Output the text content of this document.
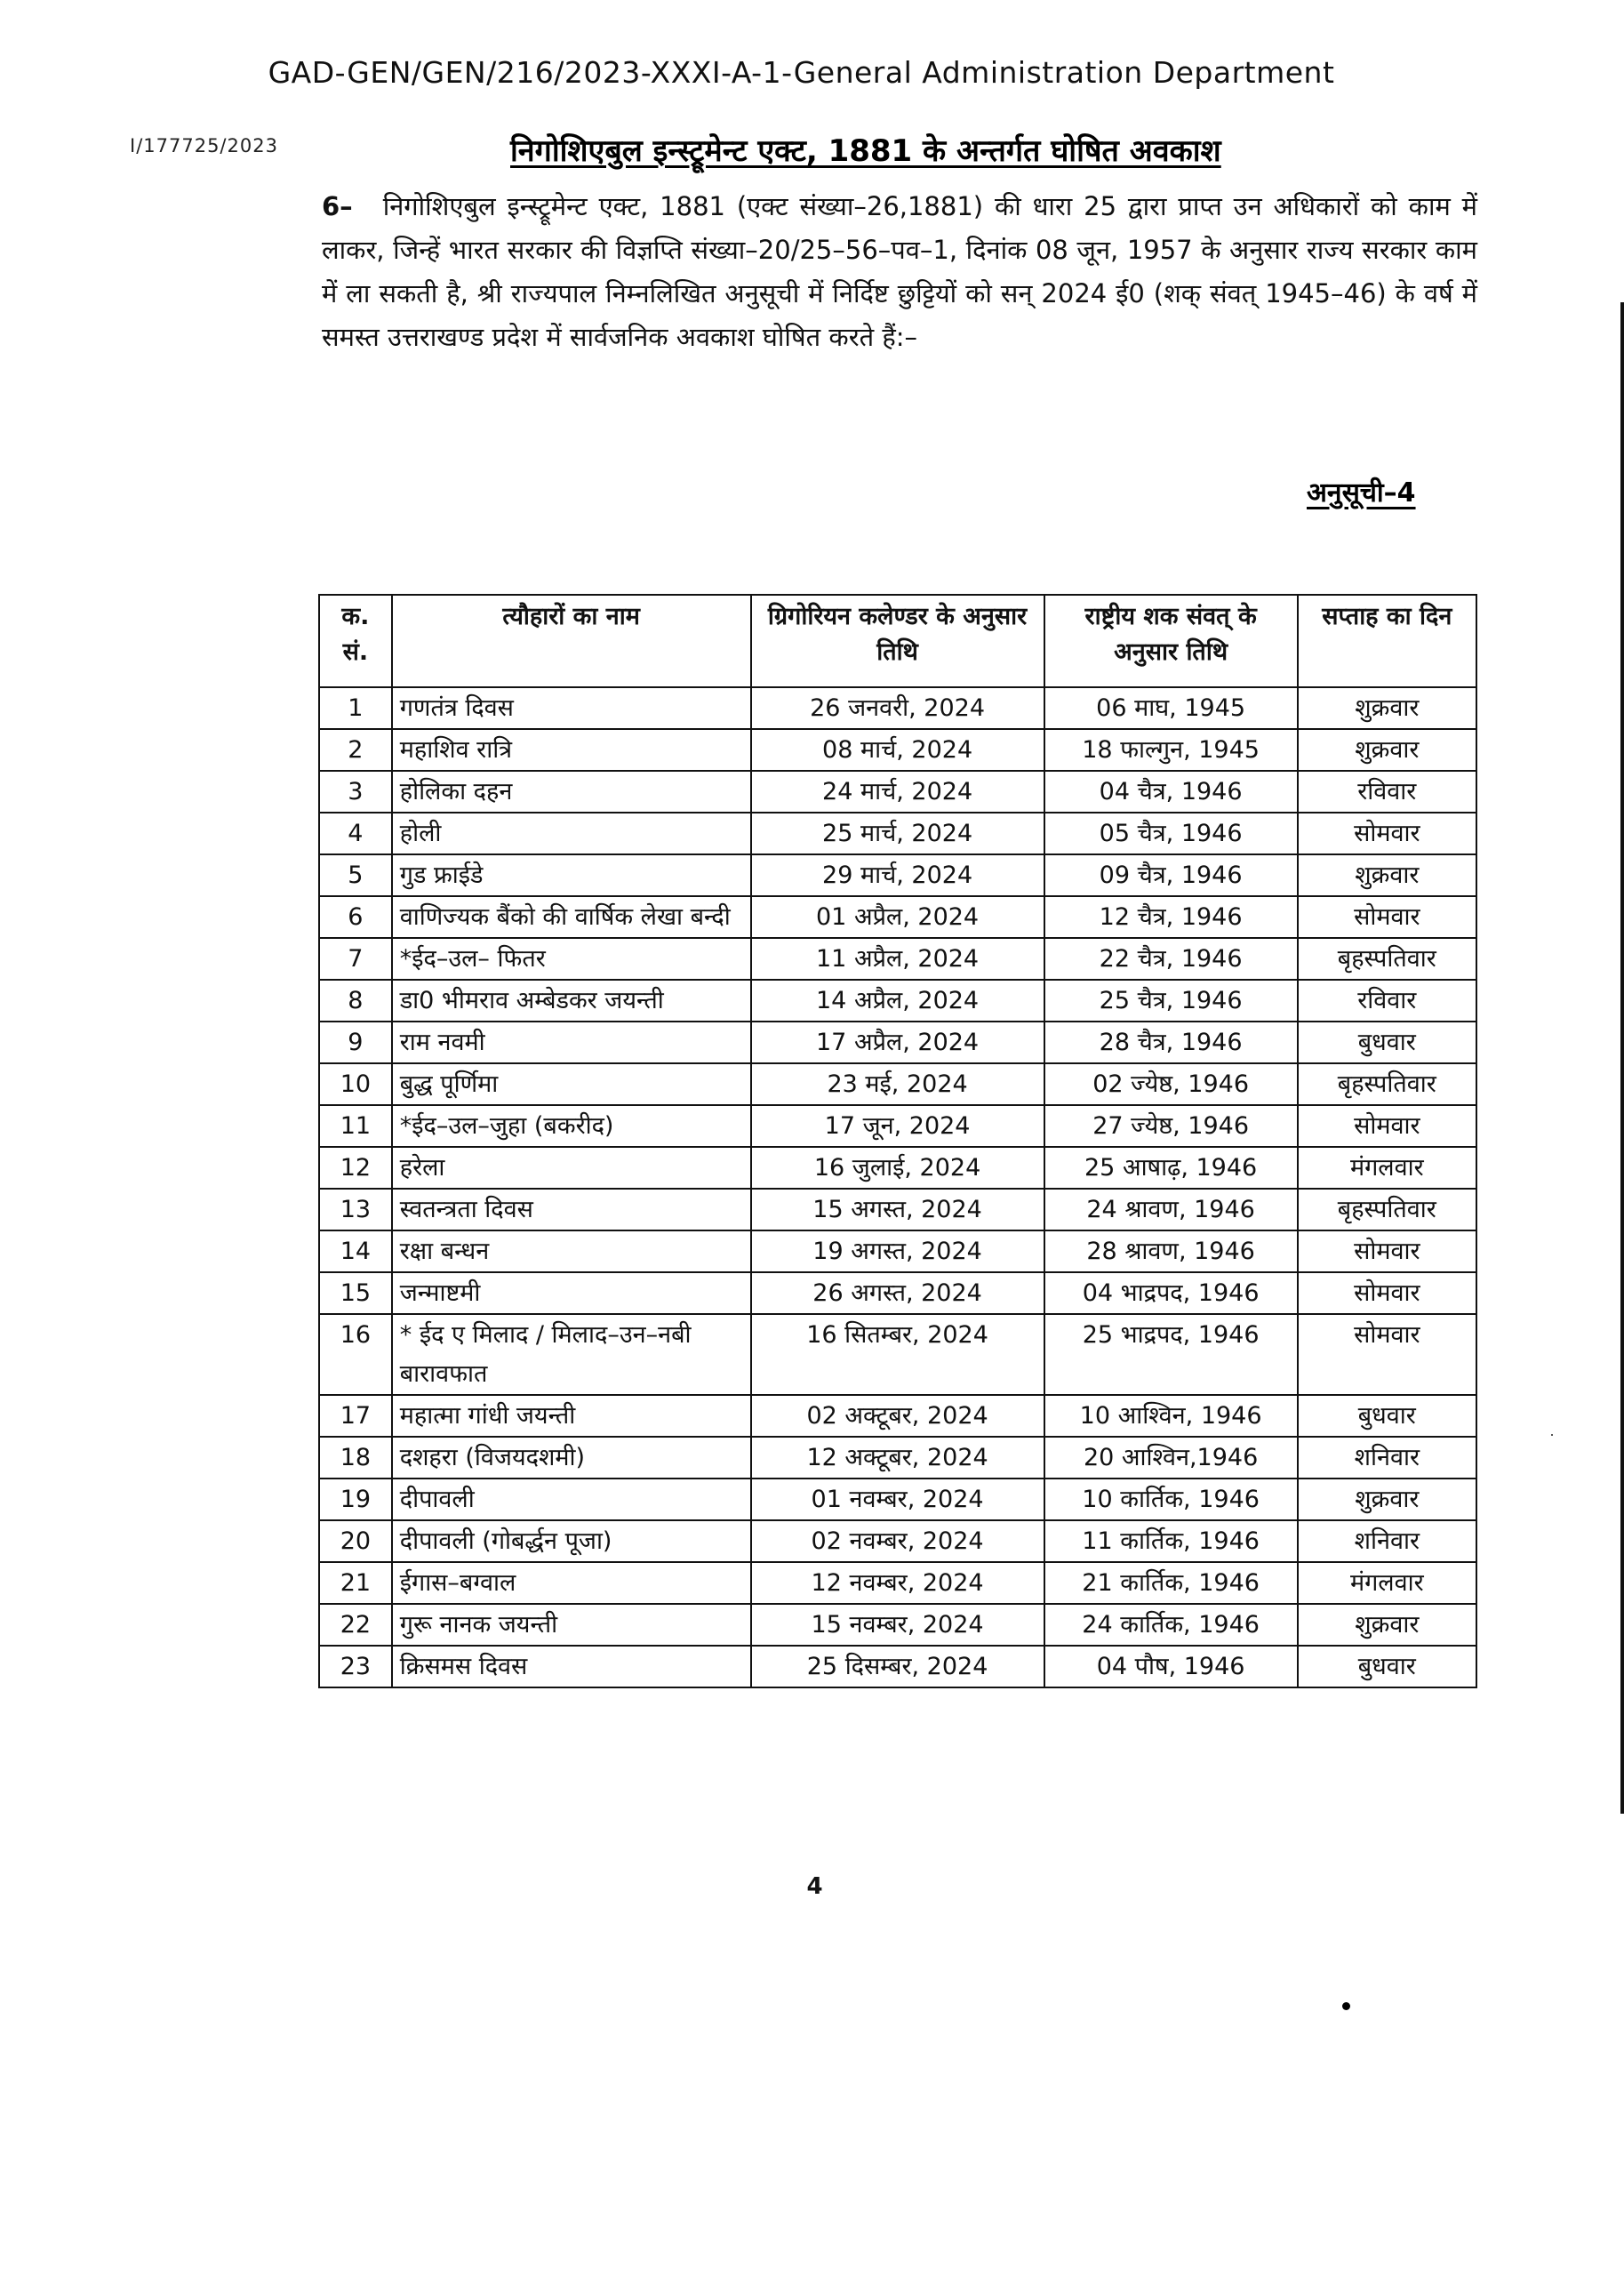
GAD-GEN/GEN/216/2023-XXXI-A-1-General Administration Department
I/177725/2023	निगोशिएबुल इन्स्ट्रूमेन्ट एक्ट, 1881 के अन्तर्गत घोषित अवकाश
6– निगोशिएबुल इन्स्ट्रूमेन्ट एक्ट, 1881 (एक्ट संख्या–26,1881) की धारा 25 द्वारा प्राप्त उन अधिकारों को काम में लाकर, जिन्हें भारत सरकार की विज्ञप्ति संख्या–20/25–56–पव–1, दिनांक 08 जून, 1957 के अनुसार राज्य सरकार काम में ला सकती है, श्री राज्यपाल निम्नलिखित अनुसूची में निर्दिष्ट छुट्टियों को सन् 2024 ई0 (शक् संवत् 1945–46) के वर्ष में समस्त उत्तराखण्ड प्रदेश में सार्वजनिक अवकाश घोषित करते हैं:–
अनुसूची–4
क. सं.	त्यौहारों का नाम	ग्रिगोरियन कलेण्डर के अनुसार तिथि	राष्ट्रीय शक संवत् के अनुसार तिथि	सप्ताह का दिन
1	गणतंत्र दिवस	26 जनवरी, 2024	06 माघ, 1945	शुक्रवार
2	महाशिव रात्रि	08 मार्च, 2024	18 फाल्गुन, 1945	शुक्रवार
3	होलिका दहन	24 मार्च, 2024	04 चैत्र, 1946	रविवार
4	होली	25 मार्च, 2024	05 चैत्र, 1946	सोमवार
5	गुड फ्राईडे	29 मार्च, 2024	09 चैत्र, 1946	शुक्रवार
6	वाणिज्यक बैंको की वार्षिक लेखा बन्दी	01 अप्रैल, 2024	12 चैत्र, 1946	सोमवार
7	*ईद–उल– फितर	11 अप्रैल, 2024	22 चैत्र, 1946	बृहस्पतिवार
8	डा0 भीमराव अम्बेडकर जयन्ती	14 अप्रैल, 2024	25 चैत्र, 1946	रविवार
9	राम नवमी	17 अप्रैल, 2024	28 चैत्र, 1946	बुधवार
10	बुद्ध पूर्णिमा	23 मई, 2024	02 ज्येष्ठ, 1946	बृहस्पतिवार
11	*ईद–उल–जुहा (बकरीद)	17 जून, 2024	27 ज्येष्ठ, 1946	सोमवार
12	हरेला	16 जुलाई, 2024	25 आषाढ़, 1946	मंगलवार
13	स्वतन्त्रता दिवस	15 अगस्त, 2024	24 श्रावण, 1946	बृहस्पतिवार
14	रक्षा बन्धन	19 अगस्त, 2024	28 श्रावण, 1946	सोमवार
15	जन्माष्टमी	26 अगस्त, 2024	04 भाद्रपद, 1946	सोमवार
16	* ईद ए मिलाद / मिलाद–उन–नबी बारावफात	16 सितम्बर, 2024	25 भाद्रपद, 1946	सोमवार
17	महात्मा गांधी जयन्ती	02 अक्टूबर, 2024	10 आश्विन, 1946	बुधवार
18	दशहरा (विजयदशमी)	12 अक्टूबर, 2024	20 आश्विन,1946	शनिवार
19	दीपावली	01 नवम्बर, 2024	10 कार्तिक, 1946	शुक्रवार
20	दीपावली (गोबर्द्धन पूजा)	02 नवम्बर, 2024	11 कार्तिक, 1946	शनिवार
21	ईगास–बग्वाल	12 नवम्बर, 2024	21 कार्तिक, 1946	मंगलवार
22	गुरू नानक जयन्ती	15 नवम्बर, 2024	24 कार्तिक, 1946	शुक्रवार
23	क्रिसमस दिवस	25 दिसम्बर, 2024	04 पौष, 1946	बुधवार
4
